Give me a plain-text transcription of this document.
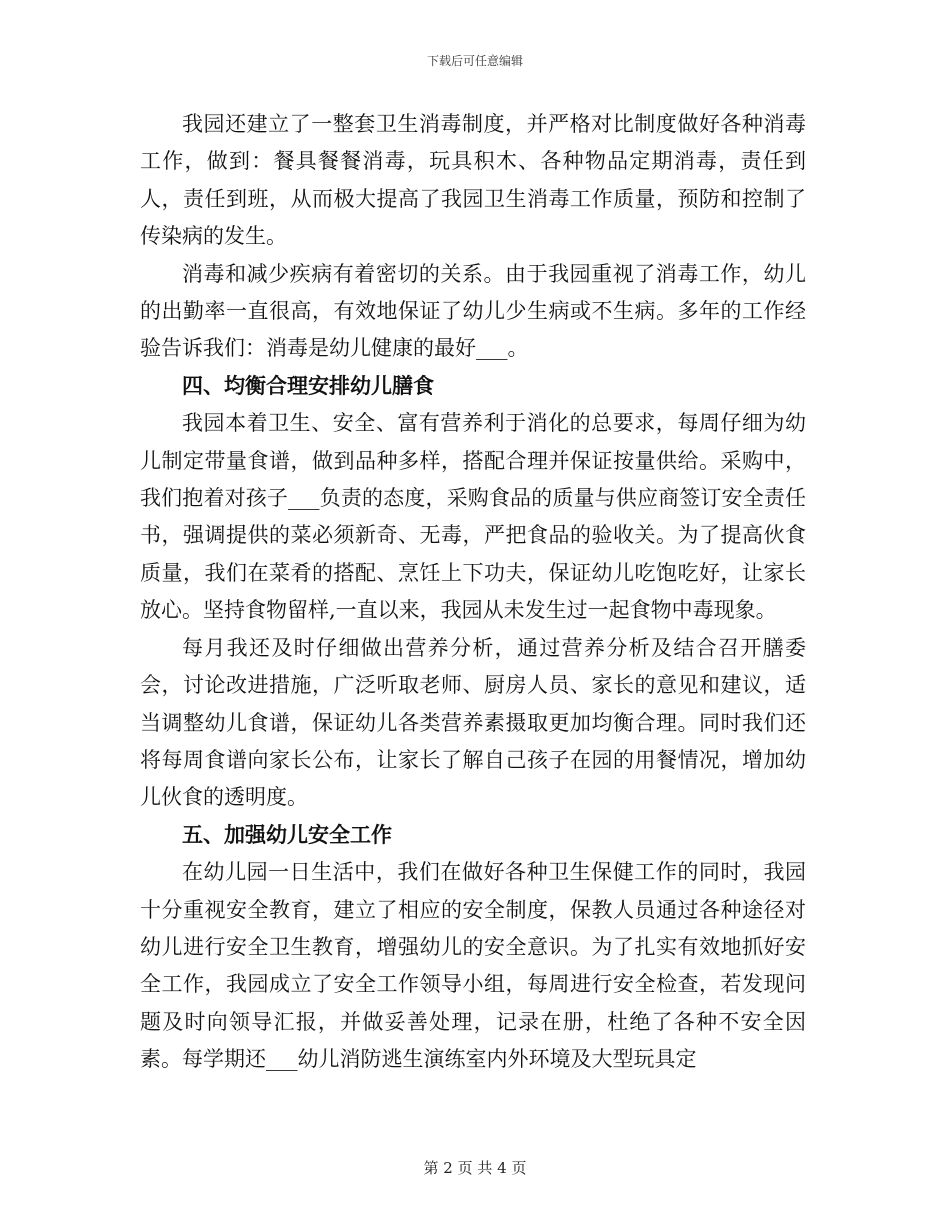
下载后可任意编辑

我园还建立了一整套卫生消毒制度，并严格对比制度做好各种消毒工作，做到：餐具餐餐消毒，玩具积木、各种物品定期消毒，责任到人，责任到班，从而极大提高了我园卫生消毒工作质量，预防和控制了传染病的发生。

消毒和减少疾病有着密切的关系。由于我园重视了消毒工作，幼儿的出勤率一直很高，有效地保证了幼儿少生病或不生病。多年的工作经验告诉我们：消毒是幼儿健康的最好___。

四、均衡合理安排幼儿膳食

我园本着卫生、安全、富有营养利于消化的总要求，每周仔细为幼儿制定带量食谱，做到品种多样，搭配合理并保证按量供给。采购中，我们抱着对孩子___负责的态度，采购食品的质量与供应商签订安全责任书，强调提供的菜必须新奇、无毒，严把食品的验收关。为了提高伙食质量，我们在菜肴的搭配、烹饪上下功夫，保证幼儿吃饱吃好，让家长放心。坚持食物留样,一直以来，我园从未发生过一起食物中毒现象。

每月我还及时仔细做出营养分析，通过营养分析及结合召开膳委会，讨论改进措施，广泛听取老师、厨房人员、家长的意见和建议，适当调整幼儿食谱，保证幼儿各类营养素摄取更加均衡合理。同时我们还将每周食谱向家长公布，让家长了解自己孩子在园的用餐情况，增加幼儿伙食的透明度。

五、加强幼儿安全工作

在幼儿园一日生活中，我们在做好各种卫生保健工作的同时，我园十分重视安全教育，建立了相应的安全制度，保教人员通过各种途径对幼儿进行安全卫生教育，增强幼儿的安全意识。为了扎实有效地抓好安全工作，我园成立了安全工作领导小组，每周进行安全检查，若发现问题及时向领导汇报，并做妥善处理，记录在册，杜绝了各种不安全因素。每学期还___幼儿消防逃生演练室内外环境及大型玩具定

第 2 页 共 4 页
